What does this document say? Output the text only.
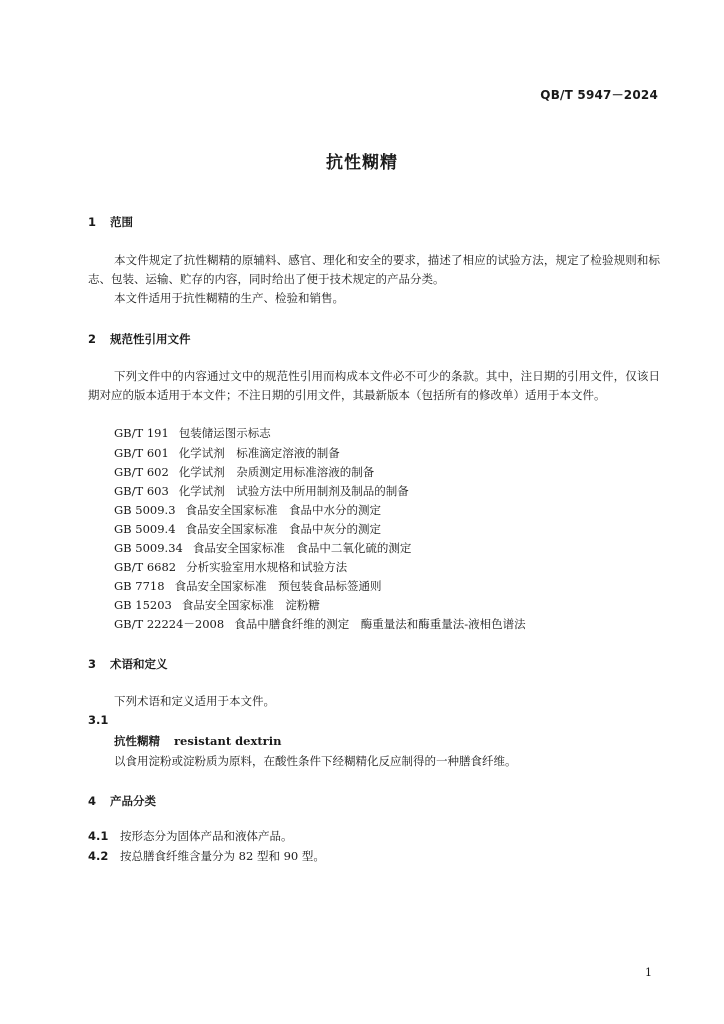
QB/T 5947－2024
抗性糊精
1 范围
本文件规定了抗性糊精的原辅料、感官、理化和安全的要求，描述了相应的试验方法，规定了检验规则和标志、包装、运输、贮存的内容，同时给出了便于技术规定的产品分类。
本文件适用于抗性糊精的生产、检验和销售。
2 规范性引用文件
下列文件中的内容通过文中的规范性引用而构成本文件必不可少的条款。其中，注日期的引用文件，仅该日期对应的版本适用于本文件；不注日期的引用文件，其最新版本（包括所有的修改单）适用于本文件。
GB/T 191 包装储运图示标志
GB/T 601 化学试剂　标准滴定溶液的制备
GB/T 602 化学试剂　杂质测定用标准溶液的制备
GB/T 603 化学试剂　试验方法中所用制剂及制品的制备
GB 5009.3 食品安全国家标准　食品中水分的测定
GB 5009.4 食品安全国家标准　食品中灰分的测定
GB 5009.34 食品安全国家标准　食品中二氧化硫的测定
GB/T 6682 分析实验室用水规格和试验方法
GB 7718 食品安全国家标准　预包装食品标签通则
GB 15203 食品安全国家标准　淀粉糖
GB/T 22224－2008 食品中膳食纤维的测定　酶重量法和酶重量法-液相色谱法
3 术语和定义
下列术语和定义适用于本文件。
3.1
抗性糊精 resistant dextrin
以食用淀粉或淀粉质为原料，在酸性条件下经糊精化反应制得的一种膳食纤维。
4 产品分类
4.1 按形态分为固体产品和液体产品。
4.2 按总膳食纤维含量分为 82 型和 90 型。
1
